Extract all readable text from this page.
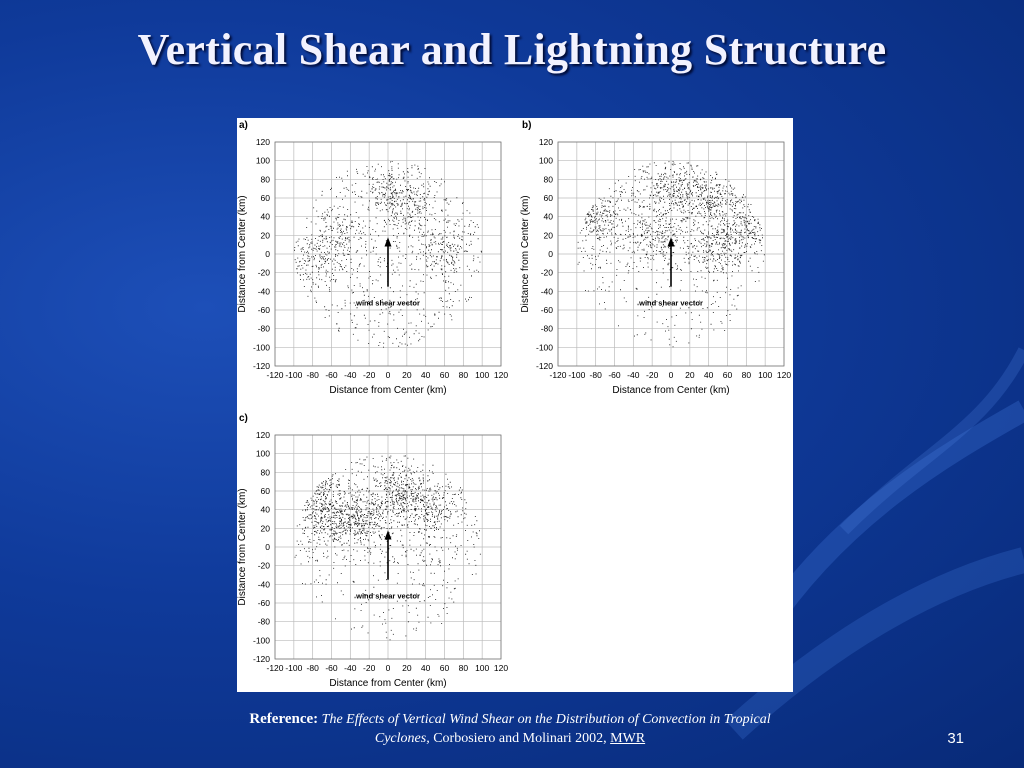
Vertical Shear and Lightning Structure
a)
-120 -100 -80 -60 -40 -20 0 20 40 60 80 100 120
120
100
80
60
40
20
0
-20
-40
-60
-80
-100
-120
Distance from Center (km)
Distance from Center (km)	wind shear vector
b)
-120 -100 -80 -60 -40 -20 0 20 40 60 80 100 120
120
100
80
60
40
20
0
-20
-40
-60
-80
-100
-120
Distance from Center (km)
Distance from Center (km)	wind shear vector
c)
-120 -100 -80 -60 -40 -20 0 20 40 60 80 100 120
120
100
80
60
40
20
0
-20
-40
-60
-80
-100
-120
Distance from Center (km)
Distance from Center (km)	wind shear vector
Reference: The Effects of Vertical Wind Shear on the Distribution of Convection in Tropical
Cyclones, Corbosiero and Molinari 2002, MWR	31
